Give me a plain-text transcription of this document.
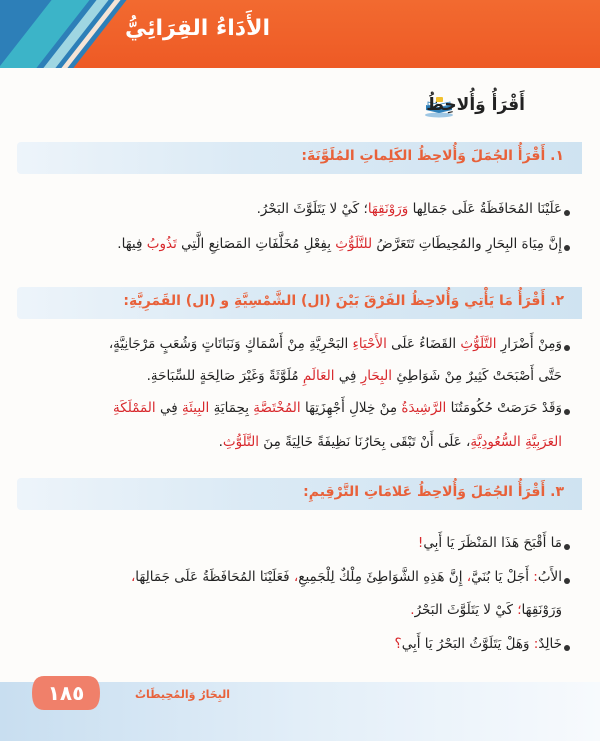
الأَدَاءُ القِرَائِيُّ
أَقْرَأُ وَأُلاحِظُ
١. أَقْرَأُ الجُمَلَ وَأُلاحِظُ الكَلِماتِ المُلَوَّنَةَ:
عَلَيْنَا المُحَافَظَةُ عَلَى جَمَالِها وَرَوْنَقِهَا؛ كَيْ لا يَتَلَوَّثَ البَحْرُ.
إِنَّ مِيَاهَ البِحَارِ والمُحِيطَاتِ تَتَعَرَّضُ للتَّلَوُّثِ بِفِعْلِ مُخَلَّفَاتِ المَصَانِعِ الَّتِي تَذُوبُ فِيهَا.
٢. أَقْرَأُ مَا يَأْتِي وَأُلاحِظُ الفَرْقَ بَيْنَ (ال) الشَّمْسِيَّةِ و (ال) القَمَرِيَّةِ:
وَمِنْ أَضْرَارِ التَّلَوُّثِ القَضَاءُ عَلَى الأَحْيَاءِ البَحْرِيَّةِ مِنْ أَسْمَاكٍ وَنَبَاتَاتٍ وَشُعَبٍ مَرْجَانِيَّةٍ،
حَتَّى أَصْبَحَتْ كَثِيرٌ مِنْ شَوَاطِئِ البِحَارِ فِي العَالَمِ مُلَوَّثَةً وَغَيْرَ صَالِحَةٍ للسِّبَاحَةِ.
وَقَدْ حَرَصَتْ حُكُومَتُنَا الرَّشِيدَةُ مِنْ خِلالِ أَجْهِزَتِهَا المُخْتَصَّةِ بِحِمَايَةِ البِيئَةِ فِي المَمْلَكَةِ
العَرَبِيَّةِ السُّعُودِيَّةِ، عَلَى أَنْ تَبْقَى بِحَارُنَا نَظِيفَةً خَالِيَةً مِنَ التَّلَوُّثِ.
٣. أَقْرَأُ الجُمَلَ وَأُلاحِظُ عَلامَاتِ التَّرْقِيمِ:
مَا أَقْبَحَ هَذَا المَنْظَرَ يَا أَبِي!
الأَبُ: أَجَلْ يَا بُنَيَّ، إِنَّ هَذِهِ الشَّوَاطِئَ مِلْكٌ لِلْجَمِيعِ، فَعَلَيْنَا المُحَافَظَةُ عَلَى جَمَالِهَا،
وَرَوْنَقِهَا؛ كَيْ لا يَتَلَوَّثَ البَحْرُ.
خَالِدٌ: وَهَلْ يَتَلَوَّثُ البَحْرُ يَا أَبِي؟
١٨٥	البِحَارُ وَالمُحِيطَاتُ
